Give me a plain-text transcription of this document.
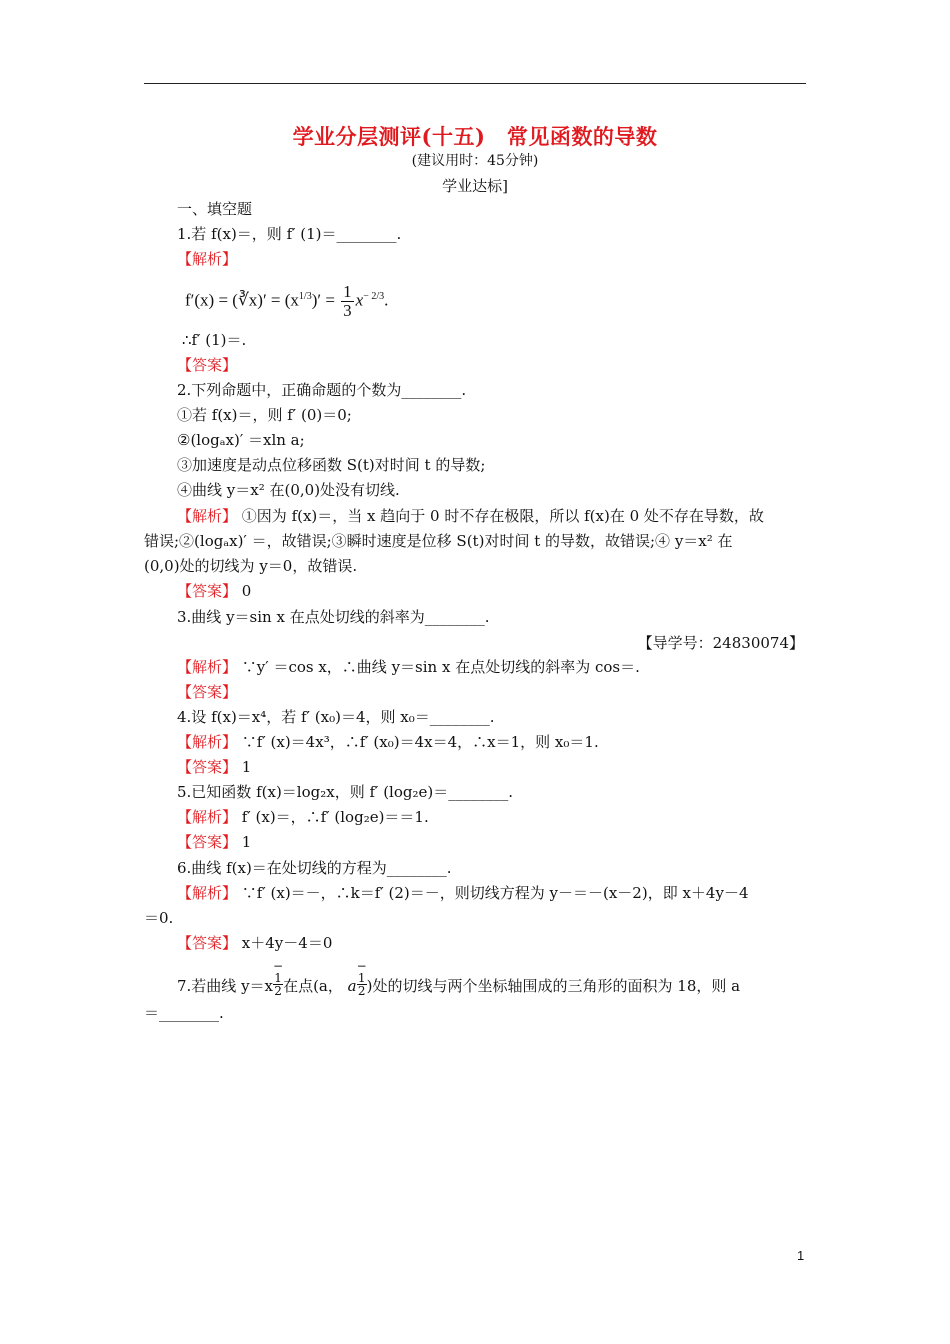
学业分层测评(十五)　常见函数的导数
(建议用时：45分钟)
学业达标]
一、填空题
1.若 f(x)＝，则 f′ (1)＝________.
【解析】
f′(x) = (∛x)′ = $(x^{1/3})' = \frac{1}{3} x^{- 2/3}$.
∴f′ (1)＝.
【答案】
2.下列命题中，正确命题的个数为________.
①若 f(x)＝，则 f′ (0)＝0;
②(logₐx)′ ＝xln a;
③加速度是动点位移函数 S(t)对时间 t 的导数;
④曲线 y＝x² 在(0,0)处没有切线.
【解析】 ①因为 f(x)＝，当 x 趋向于 0 时不存在极限，所以 f(x)在 0 处不存在导数，故
错误;②(logₐx)′ ＝，故错误;③瞬时速度是位移 S(t)对时间 t 的导数，故错误;④ y＝x² 在
(0,0)处的切线为 y＝0，故错误.
【答案】 0
3.曲线 y＝sin x 在点处切线的斜率为________.
【导学号：24830074】
【解析】 ∵y′ ＝cos x，∴曲线 y＝sin x 在点处切线的斜率为 cos＝.
【答案】
4.设 f(x)＝x⁴，若 f′ (x₀)＝4，则 x₀＝________.
【解析】 ∵f′ (x)＝4x³，∴f′ (x₀)＝4x＝4，∴x＝1，则 x₀＝1.
【答案】 1
5.已知函数 f(x)＝log₂x，则 f′ (log₂e)＝________.
【解析】 f′ (x)＝，∴f′ (log₂e)＝＝1.
【答案】 1
6.曲线 f(x)＝在处切线的方程为________.
【解析】 ∵f′ (x)＝－，∴k＝f′ (2)＝－，则切线方程为 y－＝－(x－2)，即 x＋4y－4
＝0.
【答案】 x＋4y－4＝0
7.若曲线 y＝x
−
1
2 在点(a， a
−
1
2 )处的切线与两个坐标轴围成的三角形的面积为 18，则 a
＝________.
1
